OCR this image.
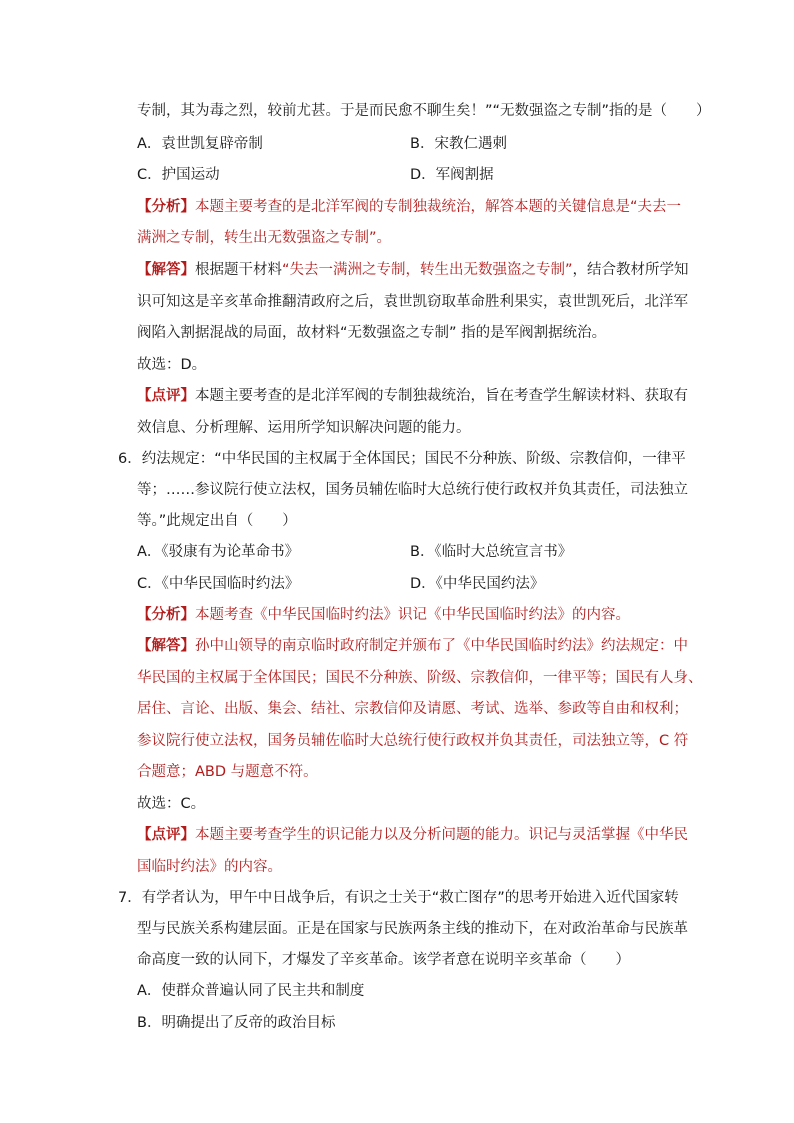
专制，其为毒之烈，较前尤甚。于是而民愈不聊生矣！”“无数强盗之专制”指的是（　　）
A．袁世凯复辟帝制	B．宋教仁遇刺
C．护国运动	D．军阀割据
【分析】本题主要考查的是北洋军阀的专制独裁统治，解答本题的关键信息是“夫去一
满洲之专制，转生出无数强盗之专制”。
【解答】根据题干材料“失去一满洲之专制，转生出无数强盗之专制”，结合教材所学知
识可知这是辛亥革命推翻清政府之后，袁世凯窃取革命胜利果实，袁世凯死后，北洋军
阀陷入割据混战的局面，故材料“无数强盗之专制” 指的是军阀割据统治。
故选：D。
【点评】本题主要考查的是北洋军阀的专制独裁统治，旨在考查学生解读材料、获取有
效信息、分析理解、运用所学知识解决问题的能力。
6．约法规定：“中华民国的主权属于全体国民；国民不分种族、阶级、宗教信仰，一律平
等；……参议院行使立法权，国务员辅佐临时大总统行使行政权并负其责任，司法独立
等。”此规定出自（　　）
A．《驳康有为论革命书》	B．《临时大总统宣言书》
C．《中华民国临时约法》	D．《中华民国约法》
【分析】本题考查《中华民国临时约法》识记《中华民国临时约法》的内容。
【解答】孙中山领导的南京临时政府制定并颁布了《中华民国临时约法》约法规定：中
华民国的主权属于全体国民；国民不分种族、阶级、宗教信仰，一律平等；国民有人身、
居住、言论、出版、集会、结社、宗教信仰及请愿、考试、选举、参政等自由和权利；
参议院行使立法权，国务员辅佐临时大总统行使行政权并负其责任，司法独立等，C 符
合题意；ABD 与题意不符。
故选：C。
【点评】本题主要考查学生的识记能力以及分析问题的能力。识记与灵活掌握《中华民
国临时约法》的内容。
7．有学者认为，甲午中日战争后，有识之士关于“救亡图存”的思考开始进入近代国家转
型与民族关系构建层面。正是在国家与民族两条主线的推动下，在对政治革命与民族革
命高度一致的认同下，才爆发了辛亥革命。该学者意在说明辛亥革命（　　）
A．使群众普遍认同了民主共和制度
B．明确提出了反帝的政治目标
